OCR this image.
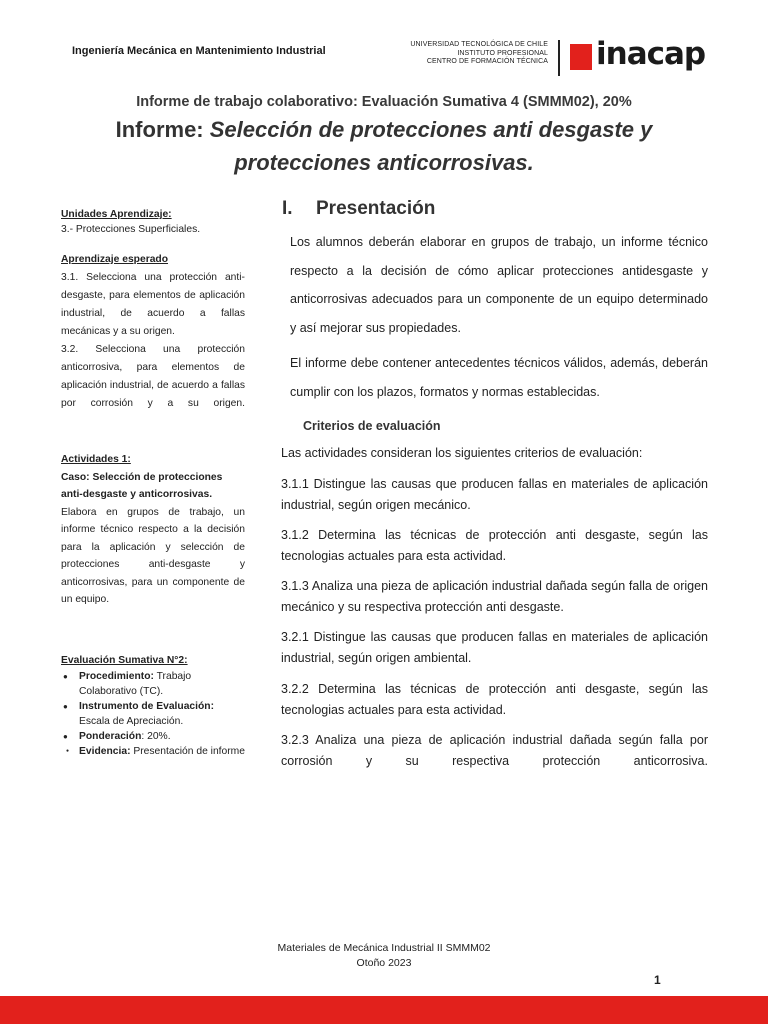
Ingeniería Mecánica en Mantenimiento Industrial
UNIVERSIDAD TECNOLÓGICA DE CHILE
INSTITUTO PROFESIONAL
CENTRO DE FORMACIÓN TÉCNICA inacap
Informe de trabajo colaborativo: Evaluación Sumativa 4 (SMMM02), 20%
Informe: Selección de protecciones anti desgaste y
protecciones anticorrosivas.
Unidades Aprendizaje:
3.- Protecciones Superficiales.
Aprendizaje esperado
3.1. Selecciona una protección anti-desgaste, para elementos de aplicación industrial, de acuerdo a fallas mecánicas y a su origen.
3.2. Selecciona una protección anticorrosiva, para elementos de aplicación industrial, de acuerdo a fallas por corrosión y a su origen.
Actividades 1:
Caso: Selección de protecciones anti-desgaste y anticorrosivas.
Elabora en grupos de trabajo, un informe técnico respecto a la decisión para la aplicación y selección de protecciones anti-desgaste y anticorrosivas, para un componente de un equipo.
Evaluación Sumativa N°2:
● Procedimiento: Trabajo Colaborativo (TC).
● Instrumento de Evaluación: Escala de Apreciación.
● Ponderación: 20%.
● Evidencia: Presentación de informe
I. Presentación
Los alumnos deberán elaborar en grupos de trabajo, un informe técnico respecto a la decisión de cómo aplicar protecciones antidesgaste y anticorrosivas adecuados para un componente de un equipo determinado y así mejorar sus propiedades.
El informe debe contener antecedentes técnicos válidos, además, deberán cumplir con los plazos, formatos y normas establecidas.
Criterios de evaluación
Las actividades consideran los siguientes criterios de evaluación:
3.1.1 Distingue las causas que producen fallas en materiales de aplicación industrial, según origen mecánico.
3.1.2 Determina las técnicas de protección anti desgaste, según las tecnologias actuales para esta actividad.
3.1.3 Analiza una pieza de aplicación industrial dañada según falla de origen mecánico y su respectiva protección anti desgaste.
3.2.1 Distingue las causas que producen fallas en materiales de aplicación industrial, según origen ambiental.
3.2.2 Determina las técnicas de protección anti desgaste, según las tecnologias actuales para esta actividad.
3.2.3 Analiza una pieza de aplicación industrial dañada según falla por corrosión y su respectiva protección anticorrosiva.
Materiales de Mecánica Industrial II SMMM02
Otoño 2023
1
